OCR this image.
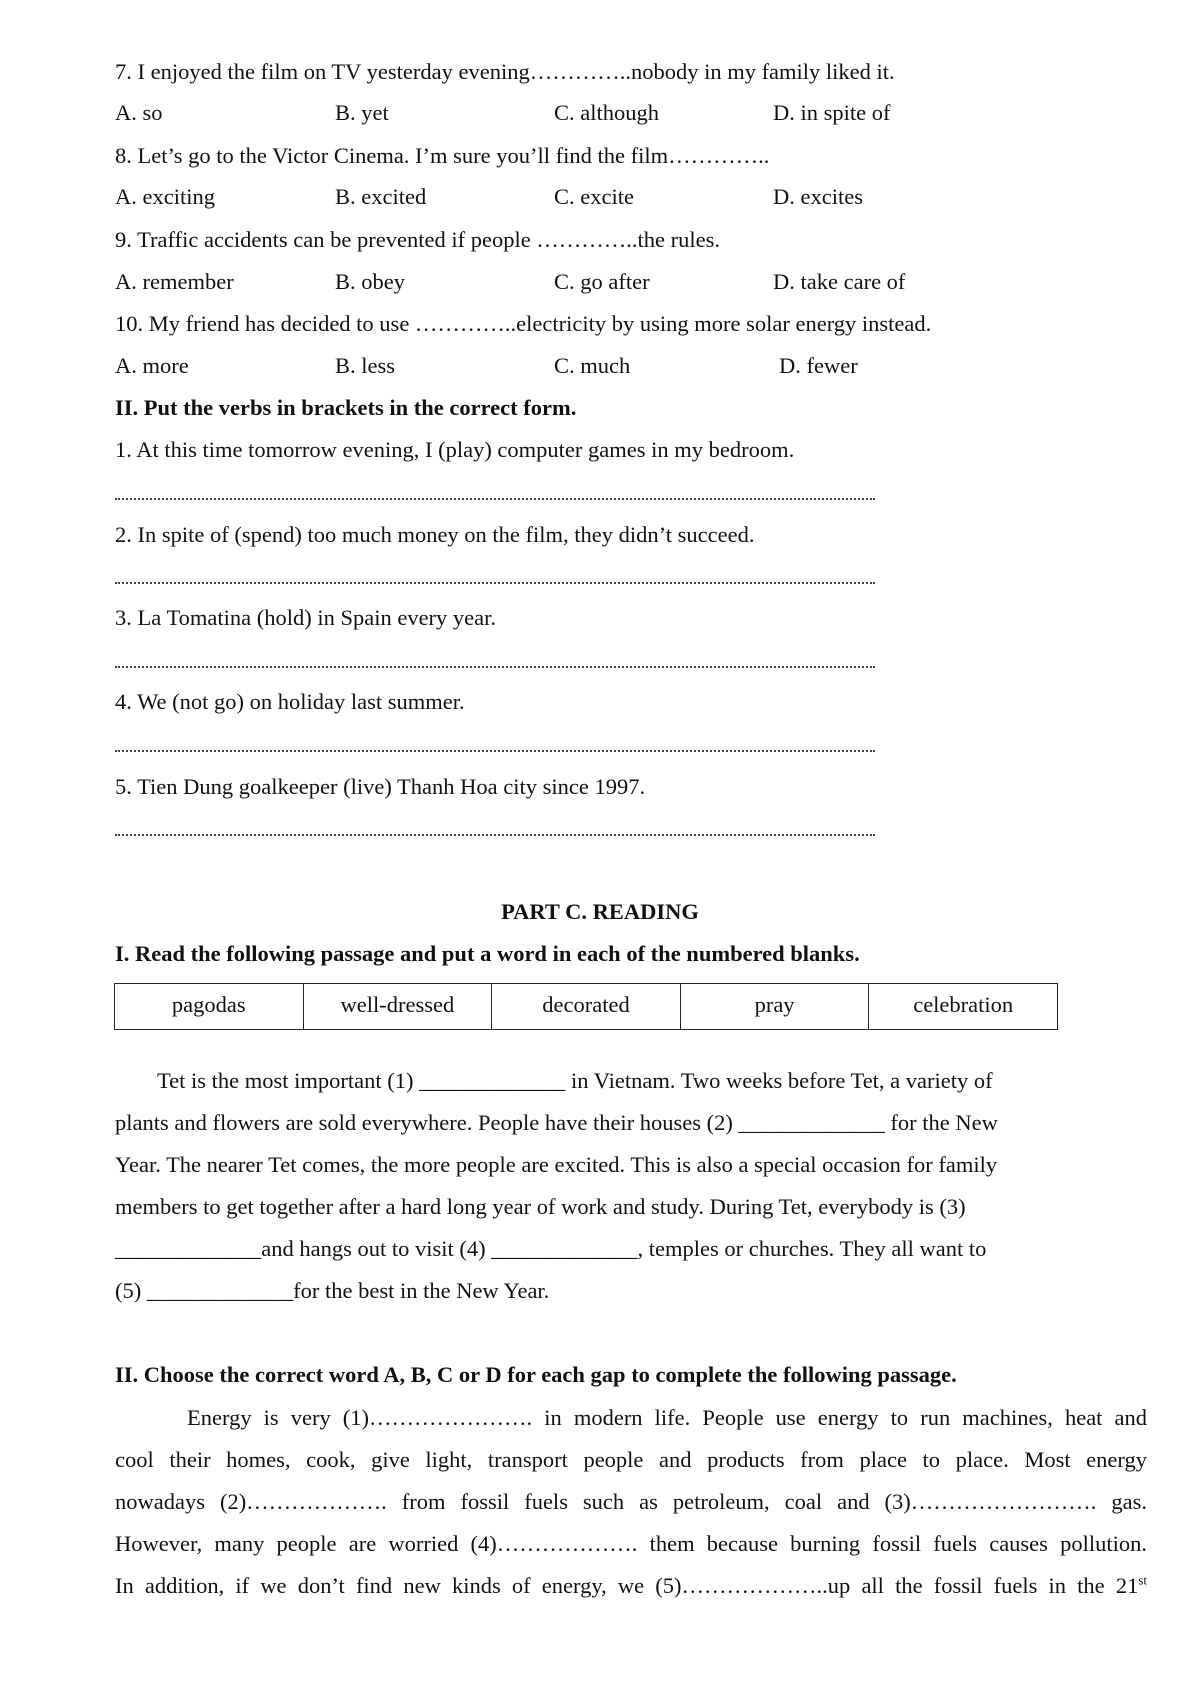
7. I enjoyed the film on TV yesterday evening…………..nobody in my family liked it.
A. so	B. yet	C. although	D. in spite of
8. Let’s go to the Victor Cinema. I’m sure you’ll find the film…………..
A. exciting	B. excited	C. excite	D. excites
9. Traffic accidents can be prevented if people …………..the rules.
A. remember	B. obey	C. go after	D. take care of
10. My friend has decided to use …………..electricity by using more solar energy instead.
A. more	B. less	C. much	D. fewer
II. Put the verbs in brackets in the correct form.
1. At this time tomorrow evening, I (play) computer games in my bedroom.
2. In spite of (spend) too much money on the film, they didn’t succeed.
3. La Tomatina (hold) in Spain every year.
4. We (not go) on holiday last summer.
5. Tien Dung goalkeeper (live) Thanh Hoa city since 1997.
PART C. READING
I. Read the following passage and put a word in each of the numbered blanks.
pagodas	well-dressed	decorated	pray	celebration
Tet is the most important (1) _____________ in Vietnam. Two weeks before Tet, a variety of
plants and flowers are sold everywhere. People have their houses (2) _____________ for the New
Year. The nearer Tet comes, the more people are excited. This is also a special occasion for family
members to get together after a hard long year of work and study. During Tet, everybody is (3)
_____________and hangs out to visit (4) _____________, temples or churches. They all want to
(5) _____________for the best in the New Year.
II. Choose the correct word A, B, C or D for each gap to complete the following passage.
Energy is very (1)…………………. in modern life. People use energy to run machines, heat and
cool their homes, cook, give light, transport people and products from place to place. Most energy
nowadays (2)………………. from fossil fuels such as petroleum, coal and (3)……………………. gas.
However, many people are worried (4)………………. them because burning fossil fuels causes pollution.
In addition, if we don’t find new kinds of energy, we (5)………………..up all the fossil fuels in the 21st
